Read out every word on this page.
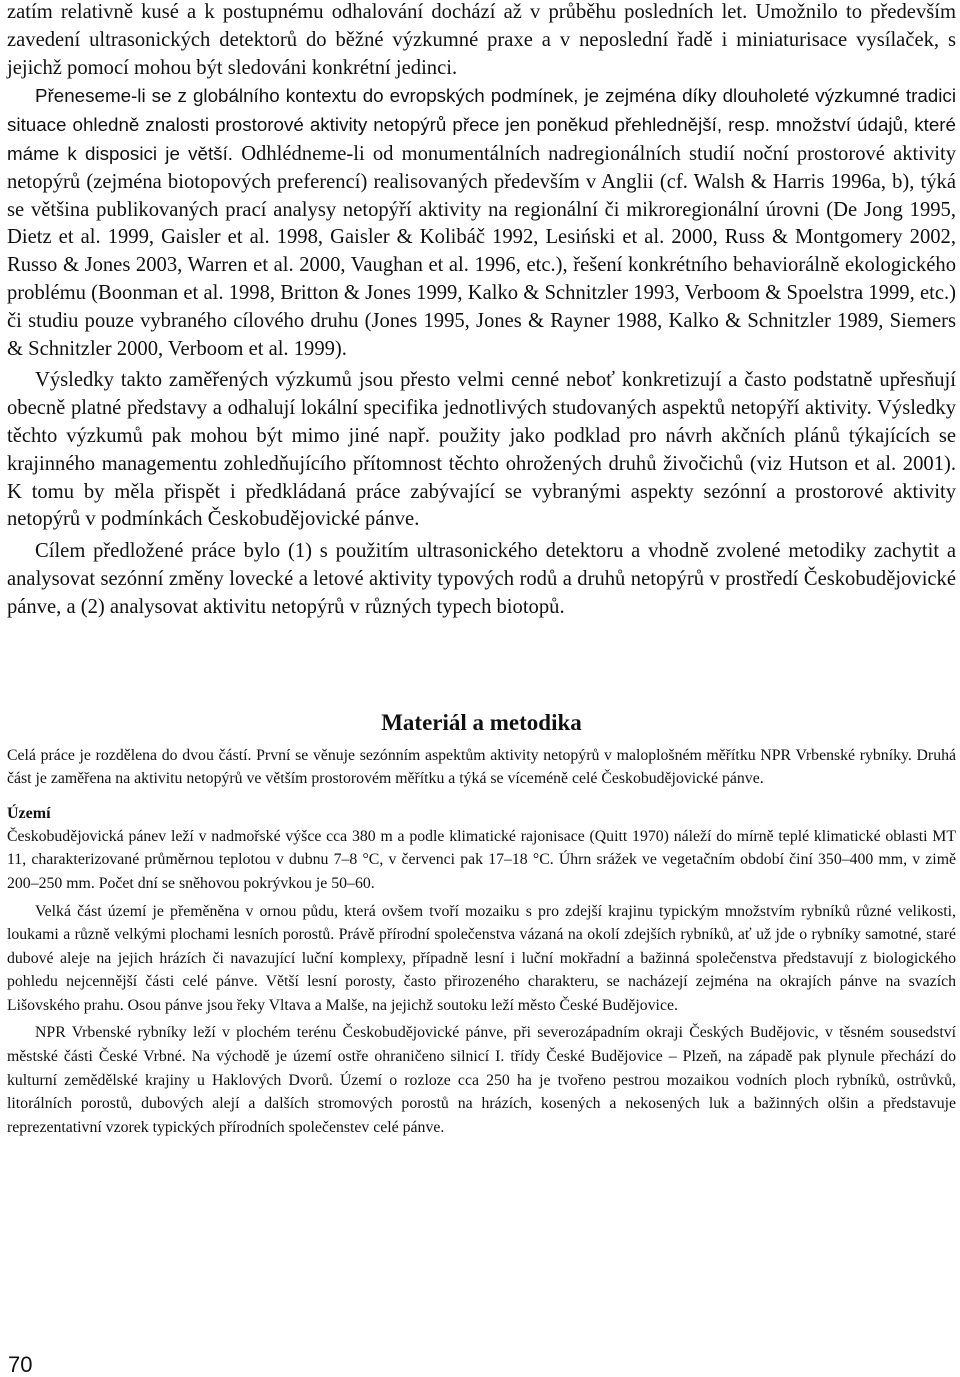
zatím relativně kusé a k postupnému odhalování dochází až v průběhu posledních let. Umožnilo to především zavedení ultrasonických detektorů do běžné výzkumné praxe a v neposlední řadě i miniaturisace vysílaček, s jejichž pomocí mohou být sledováni konkrétní jedinci.

Přeneseme-li se z globálního kontextu do evropských podmínek, je zejména díky dlouholeté výzkumné tradici situace ohledně znalosti prostorové aktivity netopýrů přece jen poněkud přehlednější, resp. množství údajů, které máme k disposici je větší. Odhlédneme-li od monumentálních nadregionálních studií noční prostorové aktivity netopýrů (zejména biotopových preferencí) realisovaných především v Anglii (cf. Walsh & Harris 1996a, b), týká se většina publikovaných prací analysy netopýří aktivity na regionální či mikroregionální úrovni (De Jong 1995, Dietz et al. 1999, Gaisler et al. 1998, Gaisler & Kolibáč 1992, Lesiński et al. 2000, Russ & Montgomery 2002, Russo & Jones 2003, Warren et al. 2000, Vaughan et al. 1996, etc.), řešení konkrétního behaviorálně ekologického problému (Boonman et al. 1998, Britton & Jones 1999, Kalko & Schnitzler 1993, Verboom & Spoelstra 1999, etc.) či studiu pouze vybraného cílového druhu (Jones 1995, Jones & Rayner 1988, Kalko & Schnitzler 1989, Siemers & Schnitzler 2000, Verboom et al. 1999).

Výsledky takto zaměřených výzkumů jsou přesto velmi cenné neboť konkretizují a často podstatně upřesňují obecně platné představy a odhalují lokální specifika jednotlivých studovaných aspektů netopýří aktivity. Výsledky těchto výzkumů pak mohou být mimo jiné např. použity jako podklad pro návrh akčních plánů týkajících se krajinného managementu zohledňujícího přítomnost těchto ohrožených druhů živočichů (viz Hutson et al. 2001). K tomu by měla přispět i předkládaná práce zabývající se vybranými aspekty sezónní a prostorové aktivity netopýrů v podmínkách Českobudějovické pánve.

Cílem předložené práce bylo (1) s použitím ultrasonického detektoru a vhodně zvolené metodiky zachytit a analysovat sezónní změny lovecké a letové aktivity typových rodů a druhů netopýrů v prostředí Českobudějovické pánve, a (2) analysovat aktivitu netopýrů v různých typech biotopů.

Materiál a metodika

Celá práce je rozdělena do dvou částí. První se věnuje sezónním aspektům aktivity netopýrů v maloplošném měřítku NPR Vrbenské rybníky. Druhá část je zaměřena na aktivitu netopýrů ve větším prostorovém měřítku a týká se víceméně celé Českobudějovické pánve.

Území

Českobudějovická pánev leží v nadmořské výšce cca 380 m a podle klimatické rajonisace (Quitt 1970) náleží do mírně teplé klimatické oblasti MT 11, charakterizované průměrnou teplotou v dubnu 7–8 °C, v červenci pak 17–18 °C. Úhrn srážek ve vegetačním období činí 350–400 mm, v zimě 200–250 mm. Počet dní se sněhovou pokrývkou je 50–60.

Velká část území je přeměněna v ornou půdu, která ovšem tvoří mozaiku s pro zdejší krajinu typickým množstvím rybníků různé velikosti, loukami a různě velkými plochami lesních porostů. Právě přírodní společenstva vázaná na okolí zdejších rybníků, ať už jde o rybníky samotné, staré dubové aleje na jejich hrázích či navazující luční komplexy, případně lesní i luční mokřadní a bažinná společenstva představují z biologického pohledu nejcennější části celé pánve. Větší lesní porosty, často přirozeného charakteru, se nacházejí zejména na okrajích pánve na svazích Lišovského prahu. Osou pánve jsou řeky Vltava a Malše, na jejichž soutoku leží město České Budějovice.

NPR Vrbenské rybníky leží v plochém terénu Českobudějovické pánve, při severozápadním okraji Českých Budějovic, v těsném sousedství městské části České Vrbné. Na východě je území ostře ohraničeno silnicí I. třídy České Budějovice – Plzeň, na západě pak plynule přechází do kulturní zemědělské krajiny u Haklových Dvorů. Území o rozloze cca 250 ha je tvořeno pestrou mozaikou vodních ploch rybníků, ostrůvků, litorálních porostů, dubových alejí a dalších stromových porostů na hrázích, kosených a nekosených luk a bažinných olšin a představuje reprezentativní vzorek typických přírodních společenstev celé pánve.

70
